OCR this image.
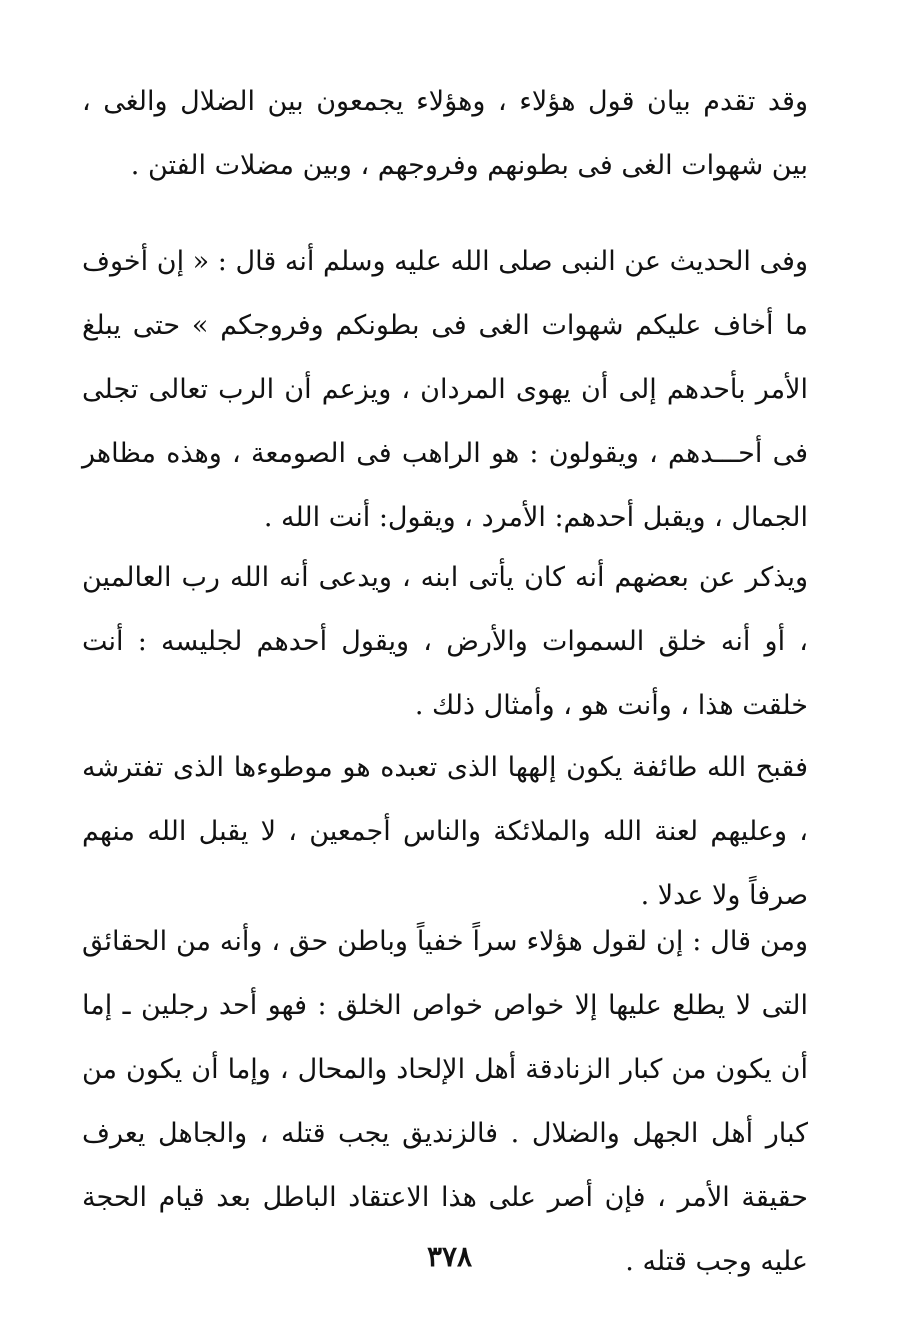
وقد تقدم بيان قول هؤلاء ، وهؤلاء يجمعون بين الضلال والغى ، بين شهوات الغى فى بطونهم وفروجهم ، وبين مضلات الفتن .

وفى الحديث عن النبى صلى الله عليه وسلم أنه قال : « إن أخوف ما أخاف عليكم شهوات الغى فى بطونكم وفروجكم » حتى يبلغ الأمر بأحدهم إلى أن يهوى المردان ، ويزعم أن الرب تعالى تجلى فى أحـــدهم ، ويقولون : هو الراهب فى الصومعة ، وهذه مظاهر الجمال ، ويقبل أحدهم: الأمرد ، ويقول: أنت الله .

ويذكر عن بعضهم أنه كان يأتى ابنه ، ويدعى أنه الله رب العالمين ، أو أنه خلق السموات والأرض ، ويقول أحدهم لجليسه : أنت خلقت هذا ، وأنت هو ، وأمثال ذلك .

فقبح الله طائفة يكون إلهها الذى تعبده هو موطوءها الذى تفترشه ، وعليهم لعنة الله والملائكة والناس أجمعين ، لا يقبل الله منهم صرفاً ولا عدلا .

ومن قال : إن لقول هؤلاء سراً خفياً وباطن حق ، وأنه من الحقائق التى لا يطلع عليها إلا خواص خواص الخلق : فهو أحد رجلين ـ إما أن يكون من كبار الزنادقة أهل الإلحاد والمحال ، وإما أن يكون من كبار أهل الجهل والضلال . فالزنديق يجب قتله ، والجاهل يعرف حقيقة الأمر ، فإن أصر على هذا الاعتقاد الباطل بعد قيام الحجة عليه وجب قتله .

٣٧٨
